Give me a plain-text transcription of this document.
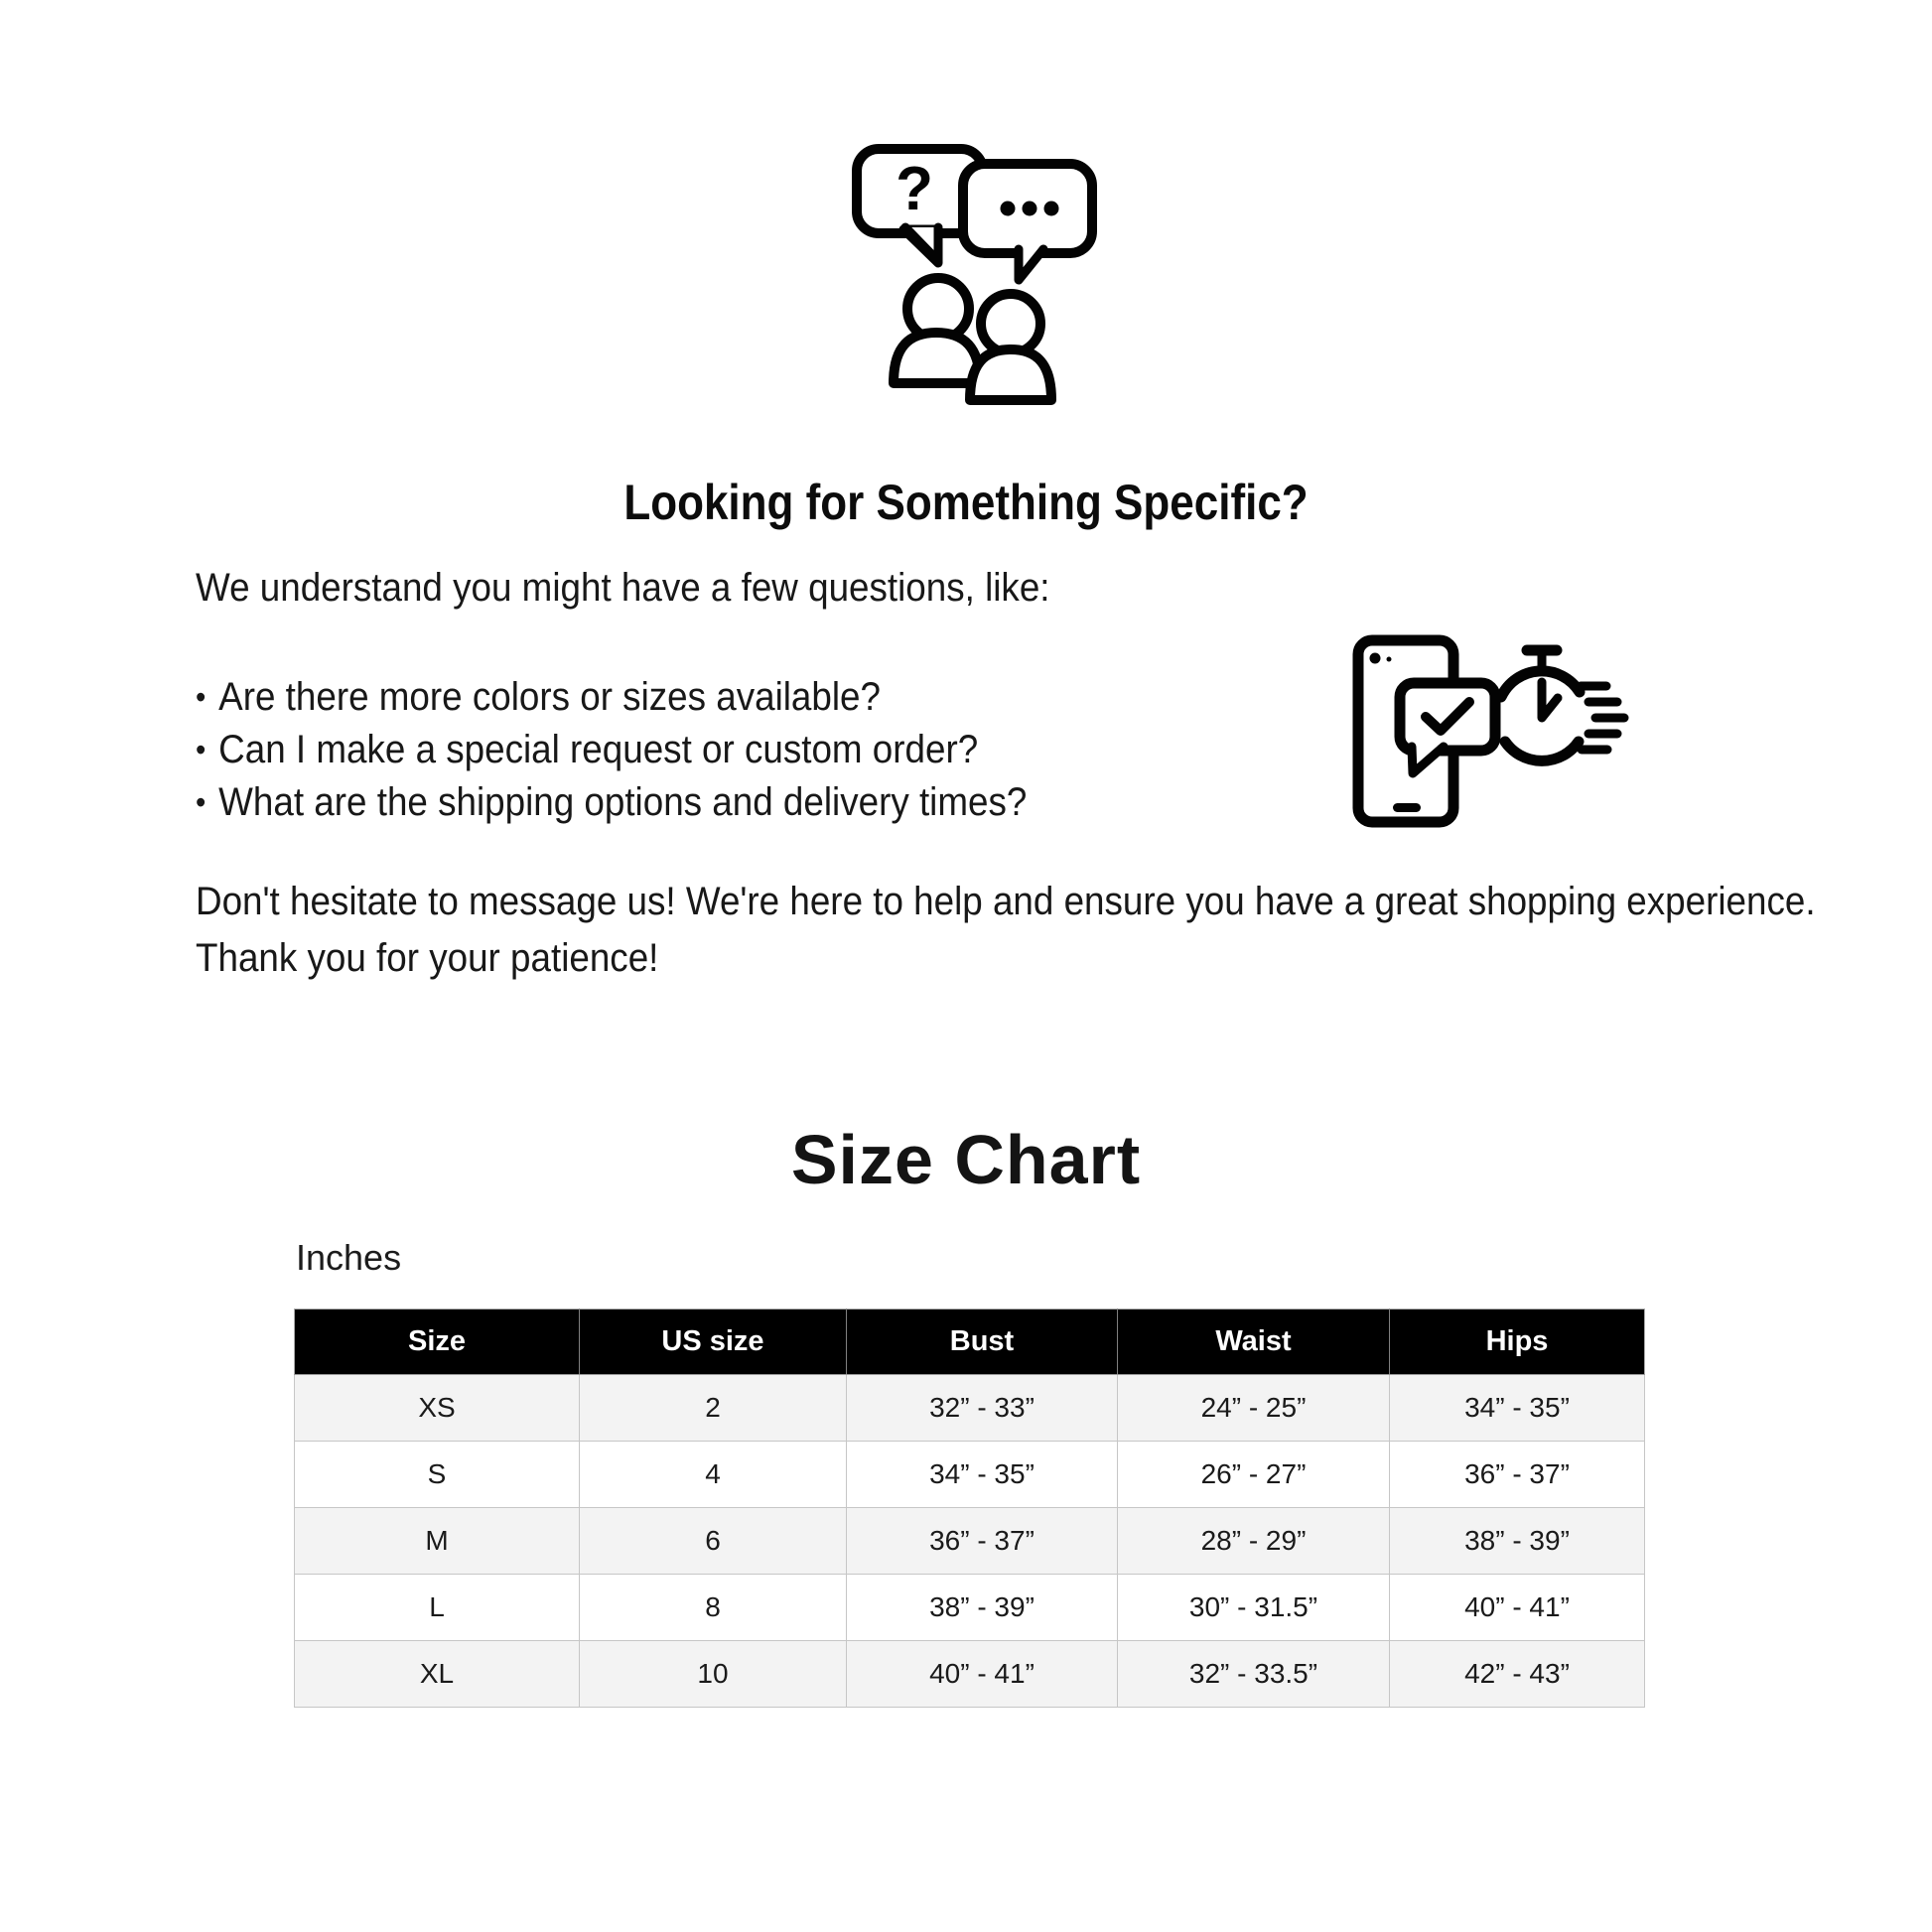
?
Looking for Something Specific?
We understand you might have a few questions, like:
• Are there more colors or sizes available?
• Can I make a special request or custom order?
• What are the shipping options and delivery times?
Don't hesitate to message us! We're here to help and ensure you have a great shopping experience. Thank you for your patience!
Size Chart
Inches
Size	US size	Bust	Waist	Hips
XS	2	32” - 33”	24” - 25”	34” - 35”
S	4	34” - 35”	26” - 27”	36” - 37”
M	6	36” - 37”	28” - 29”	38” - 39”
L	8	38” - 39”	30” - 31.5”	40” - 41”
XL	10	40” - 41”	32” - 33.5”	42” - 43”
